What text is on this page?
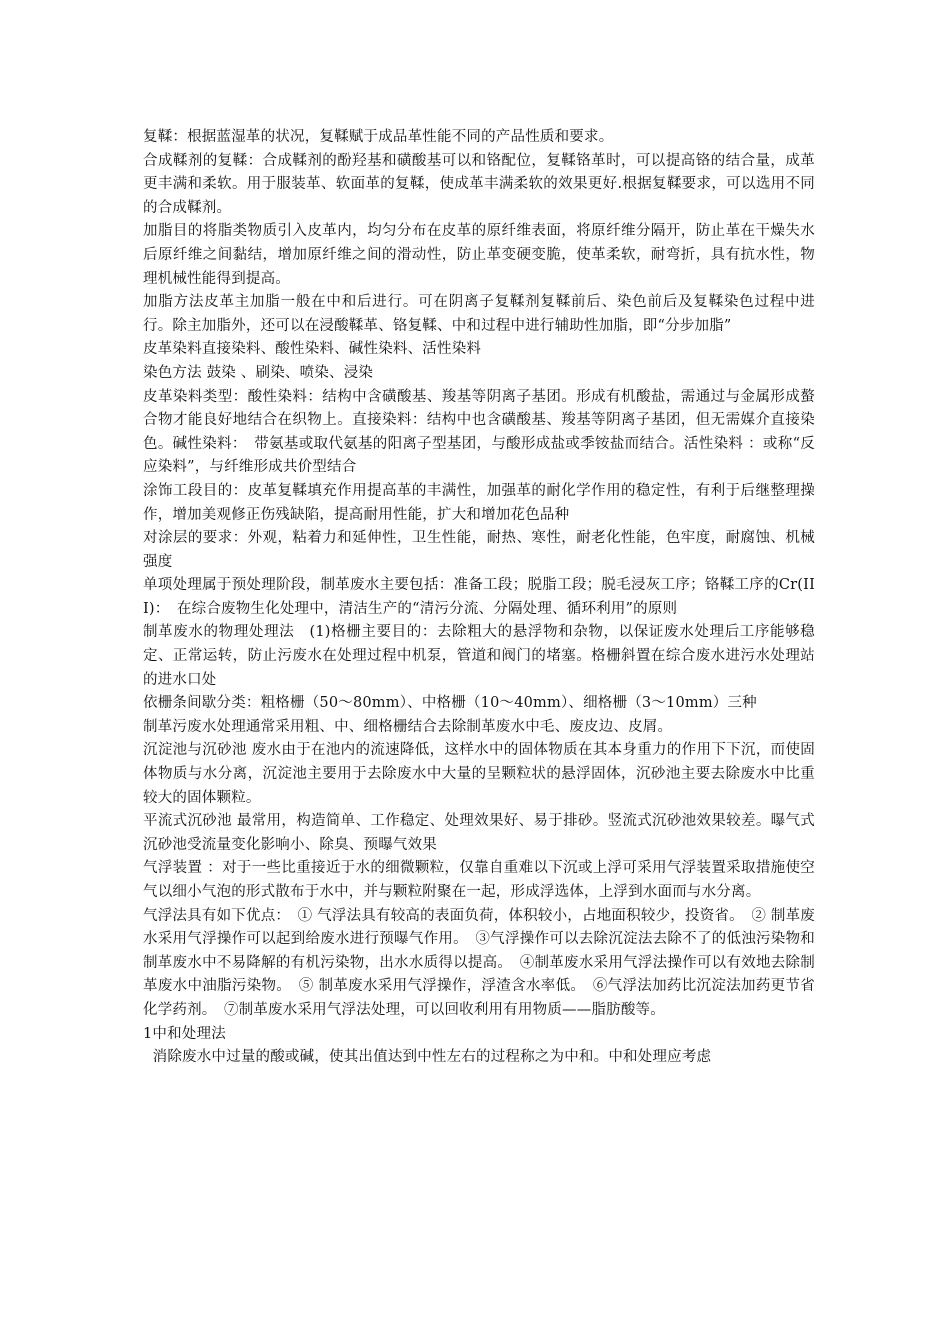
复鞣：根据蓝湿革的状况，复鞣赋于成品革性能不同的产品性质和要求。

合成鞣剂的复鞣：合成鞣剂的酚羟基和磺酸基可以和铬配位，复鞣铬革时，可以提高铬的结合量，成革更丰满和柔软。用于服装革、软面革的复鞣，使成革丰满柔软的效果更好.根据复鞣要求，可以选用不同的合成鞣剂。

加脂目的将脂类物质引入皮革内，均匀分布在皮革的原纤维表面，将原纤维分隔开，防止革在干燥失水后原纤维之间黏结，增加原纤维之间的滑动性，防止革变硬变脆，使革柔软，耐弯折，具有抗水性，物理机械性能得到提高。

加脂方法皮革主加脂一般在中和后进行。可在阴离子复鞣剂复鞣前后、染色前后及复鞣染色过程中进行。除主加脂外，还可以在浸酸鞣革、铬复鞣、中和过程中进行辅助性加脂，即“分步加脂”

皮革染料直接染料、酸性染料、碱性染料、活性染料

染色方法 鼓染 、刷染、喷染、浸染

皮革染料类型：酸性染料：结构中含磺酸基、羧基等阴离子基团。形成有机酸盐，需通过与金属形成螯合物才能良好地结合在织物上。直接染料：结构中也含磺酸基、羧基等阴离子基团，但无需媒介直接染色。碱性染料：　带氨基或取代氨基的阳离子型基团，与酸形成盐或季铵盐而结合。活性染料 ：或称“反应染料”，与纤维形成共价型结合

涂饰工段目的：皮革复鞣填充作用提高革的丰满性，加强革的耐化学作用的稳定性，有利于后继整理操作，增加美观修正伤残缺陷，提高耐用性能，扩大和增加花色品种

对涂层的要求：外观，粘着力和延伸性，卫生性能，耐热、寒性，耐老化性能，色牢度，耐腐蚀、机械强度

单项处理属于预处理阶段，制革废水主要包括：准备工段；脱脂工段；脱毛浸灰工序；铬鞣工序的Cr(III)：　在综合废物生化处理中，清洁生产的“清污分流、分隔处理、循环利用”的原则

制革废水的物理处理法　(1)格栅主要目的：去除粗大的悬浮物和杂物，以保证废水处理后工序能够稳定、正常运转，防止污废水在处理过程中机泵，管道和阀门的堵塞。格栅斜置在综合废水进污水处理站的进水口处

依栅条间歇分类：粗格栅（50～80mm）、中格栅（10～40mm）、细格栅（3～10mm）三种

制革污废水处理通常采用粗、中、细格栅结合去除制革废水中毛、废皮边、皮屑。

沉淀池与沉砂池 废水由于在池内的流速降低，这样水中的固体物质在其本身重力的作用下下沉，而使固体物质与水分离，沉淀池主要用于去除废水中大量的呈颗粒状的悬浮固体，沉砂池主要去除废水中比重较大的固体颗粒。

平流式沉砂池 最常用，构造简单、工作稳定、处理效果好、易于排砂。竖流式沉砂池效果较差。曝气式沉砂池受流量变化影响小、除臭、预曝气效果

气浮装置 ：对于一些比重接近于水的细微颗粒，仅靠自重难以下沉或上浮可采用气浮装置采取措施使空气以细小气泡的形式散布于水中，并与颗粒附聚在一起，形成浮选体，上浮到水面而与水分离。

气浮法具有如下优点：　① 气浮法具有较高的表面负荷，体积较小，占地面积较少，投资省。　② 制革废水采用气浮操作可以起到给废水进行预曝气作用。　③气浮操作可以去除沉淀法去除不了的低浊污染物和制革废水中不易降解的有机污染物，出水水质得以提高。　④制革废水采用气浮法操作可以有效地去除制革废水中油脂污染物。　⑤ 制革废水采用气浮操作，浮渣含水率低。　⑥气浮法加药比沉淀法加药更节省化学药剂。　⑦制革废水采用气浮法处理，可以回收利用有用物质——脂肪酸等。

1中和处理法

消除废水中过量的酸或碱，使其出值达到中性左右的过程称之为中和。中和处理应考虑
